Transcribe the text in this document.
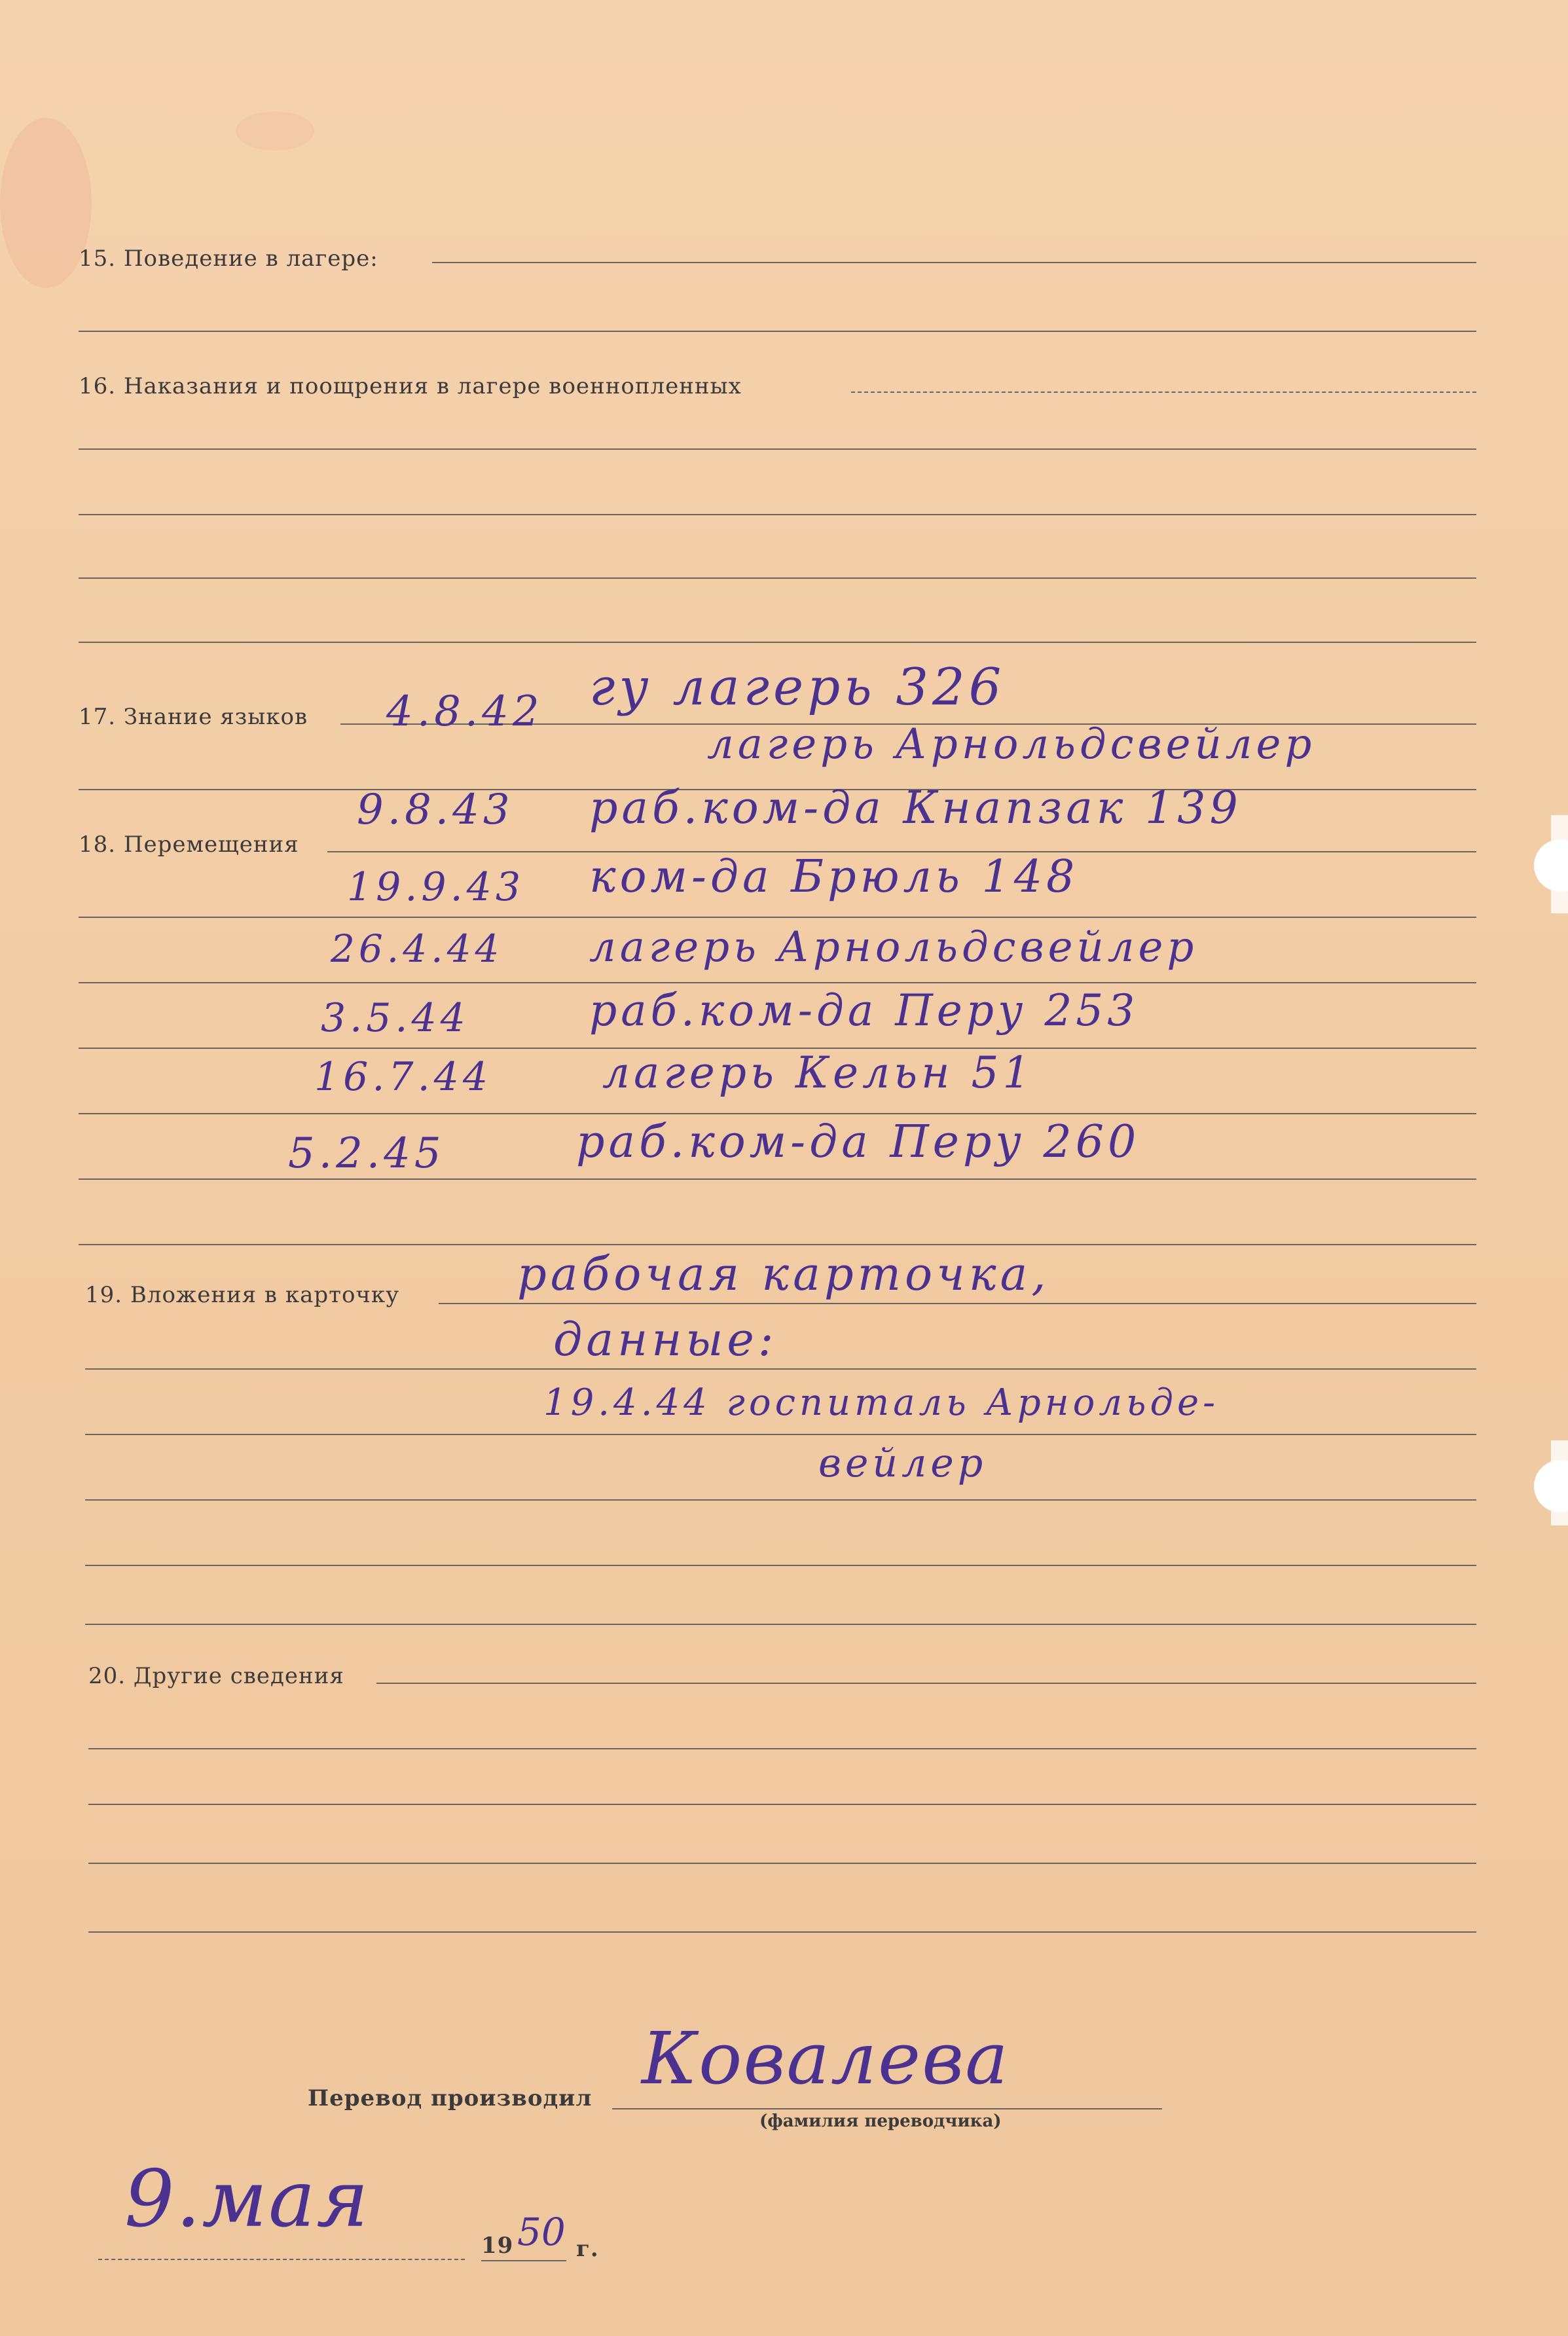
15. Поведение в лагере:
16. Наказания и поощрения в лагере военнопленных
17. Знание языков
18. Перемещения
4.8.42 гу лагерь 326
лагерь Арнольдсвейлер
9.8.43 раб.ком-да Кнапзак 139
19.9.43 ком-да Брюль 148
26.4.44 лагерь Арнольдсвейлер
3.5.44	раб.ком-да Перу 253
16.7.44	лагерь Кельн 51
5.2.45	раб.ком-да Перу 260
19. Вложения в карточку	рабочая карточка,
данные:
19.4.44 госпиталь Арнольде-
вейлер
20. Другие сведения
Перевод производил Ковалева
(фамилия переводчика)
9.мая
19 50 г.
